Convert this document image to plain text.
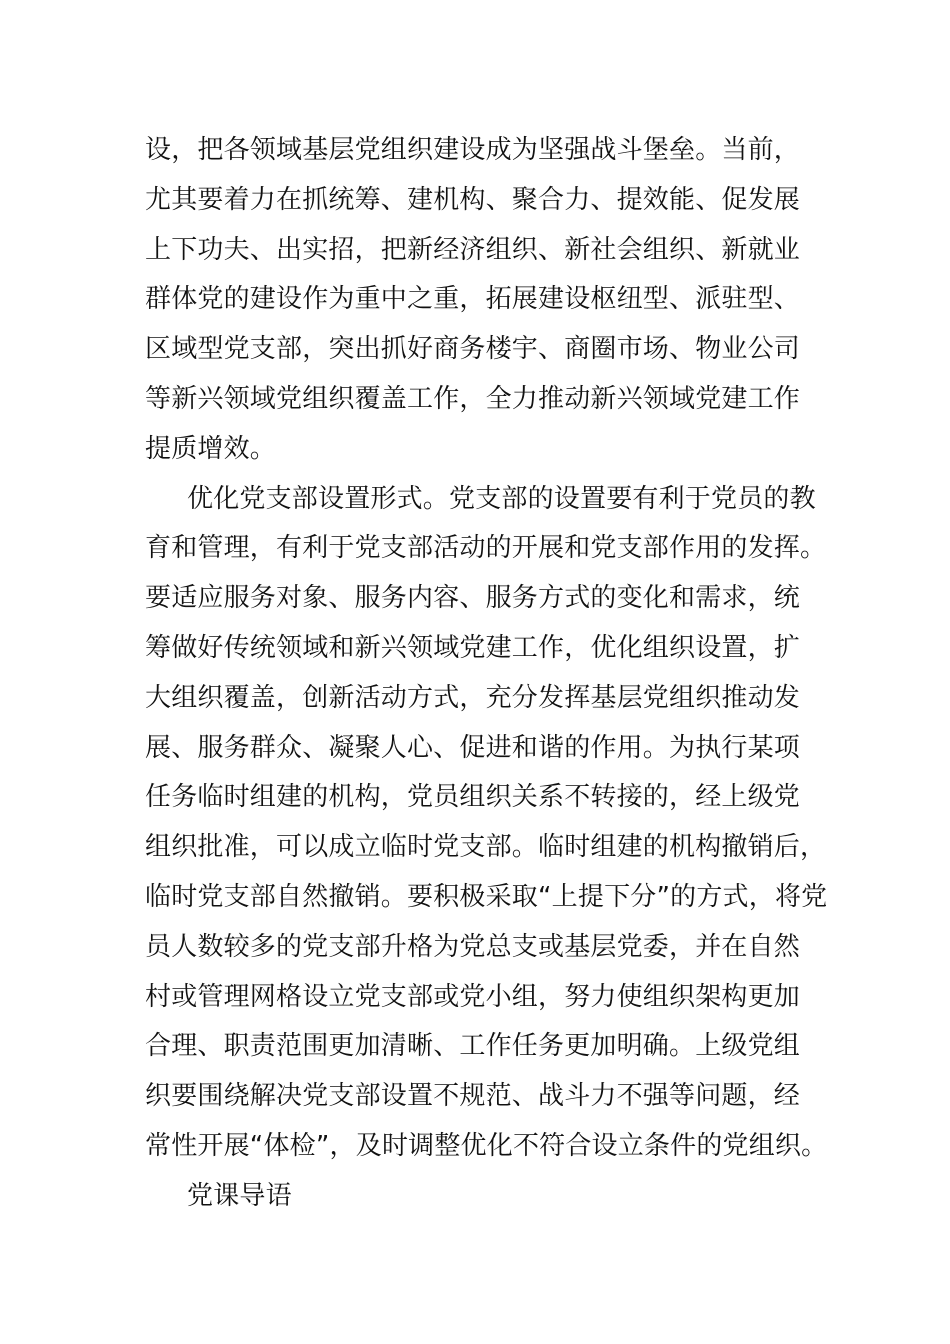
设，把各领域基层党组织建设成为坚强战斗堡垒。当前，
尤其要着力在抓统筹、建机构、聚合力、提效能、促发展
上下功夫、出实招，把新经济组织、新社会组织、新就业
群体党的建设作为重中之重，拓展建设枢纽型、派驻型、
区域型党支部，突出抓好商务楼宇、商圈市场、物业公司
等新兴领域党组织覆盖工作，全力推动新兴领域党建工作
提质增效。
优化党支部设置形式。党支部的设置要有利于党员的教
育和管理，有利于党支部活动的开展和党支部作用的发挥。
要适应服务对象、服务内容、服务方式的变化和需求，统
筹做好传统领域和新兴领域党建工作，优化组织设置，扩
大组织覆盖，创新活动方式，充分发挥基层党组织推动发
展、服务群众、凝聚人心、促进和谐的作用。为执行某项
任务临时组建的机构，党员组织关系不转接的，经上级党
组织批准，可以成立临时党支部。临时组建的机构撤销后，
临时党支部自然撤销。要积极采取“上提下分”的方式，将党
员人数较多的党支部升格为党总支或基层党委，并在自然
村或管理网格设立党支部或党小组，努力使组织架构更加
合理、职责范围更加清晰、工作任务更加明确。上级党组
织要围绕解决党支部设置不规范、战斗力不强等问题，经
常性开展“体检”，及时调整优化不符合设立条件的党组织。
党课导语
